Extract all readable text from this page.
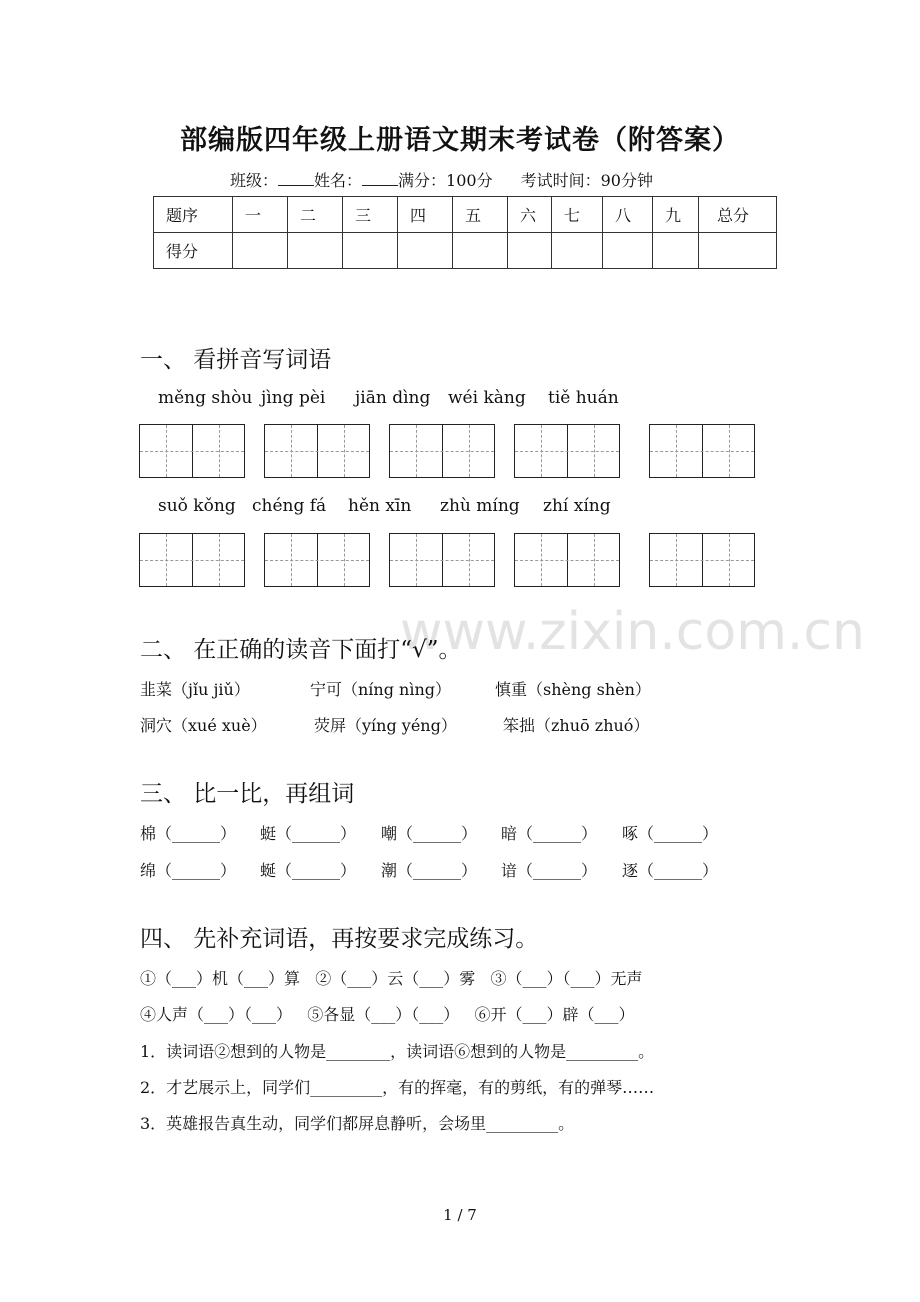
部编版四年级上册语文期末考试卷（附答案）
班级： 姓名： 满分：100分 考试时间：90分钟
题序	一	二	三	四	五	六	七	八	九	总分
得分										
一、 看拼音写词语
měng shòu jìng pèi jiān dìng wéi kàng tiě huán
suǒ kǒng chéng fá hěn xīn zhù míng zhí xíng
www.zixin.com.cn
二、 在正确的读音下面打“√”。
韭菜（jǐu jiǔ）	宁可（níng nìng）	慎重（shèng shèn）
洞穴（xué xuè）	荧屏（yíng yéng）	笨拙（zhuō zhuó）
三、 比一比，再组词
棉（______） 蜓（______） 嘲（______） 暗（______） 啄（______）
绵（______） 蜒（______） 潮（______） 谙（______） 逐（______）
四、 先补充词语，再按要求完成练习。
①（___）机（___）算   ②（___）云（___）雾   ③（___）（___）无声
④人声（___）（___）   ⑤各显（___）（___）   ⑥开（___）辟（___）
1．读词语②想到的人物是________，读词语⑥想到的人物是_________。
2．才艺展示上，同学们_________，有的挥毫，有的剪纸，有的弹琴……
3．英雄报告真生动，同学们都屏息静听，会场里_________。
1 / 7
